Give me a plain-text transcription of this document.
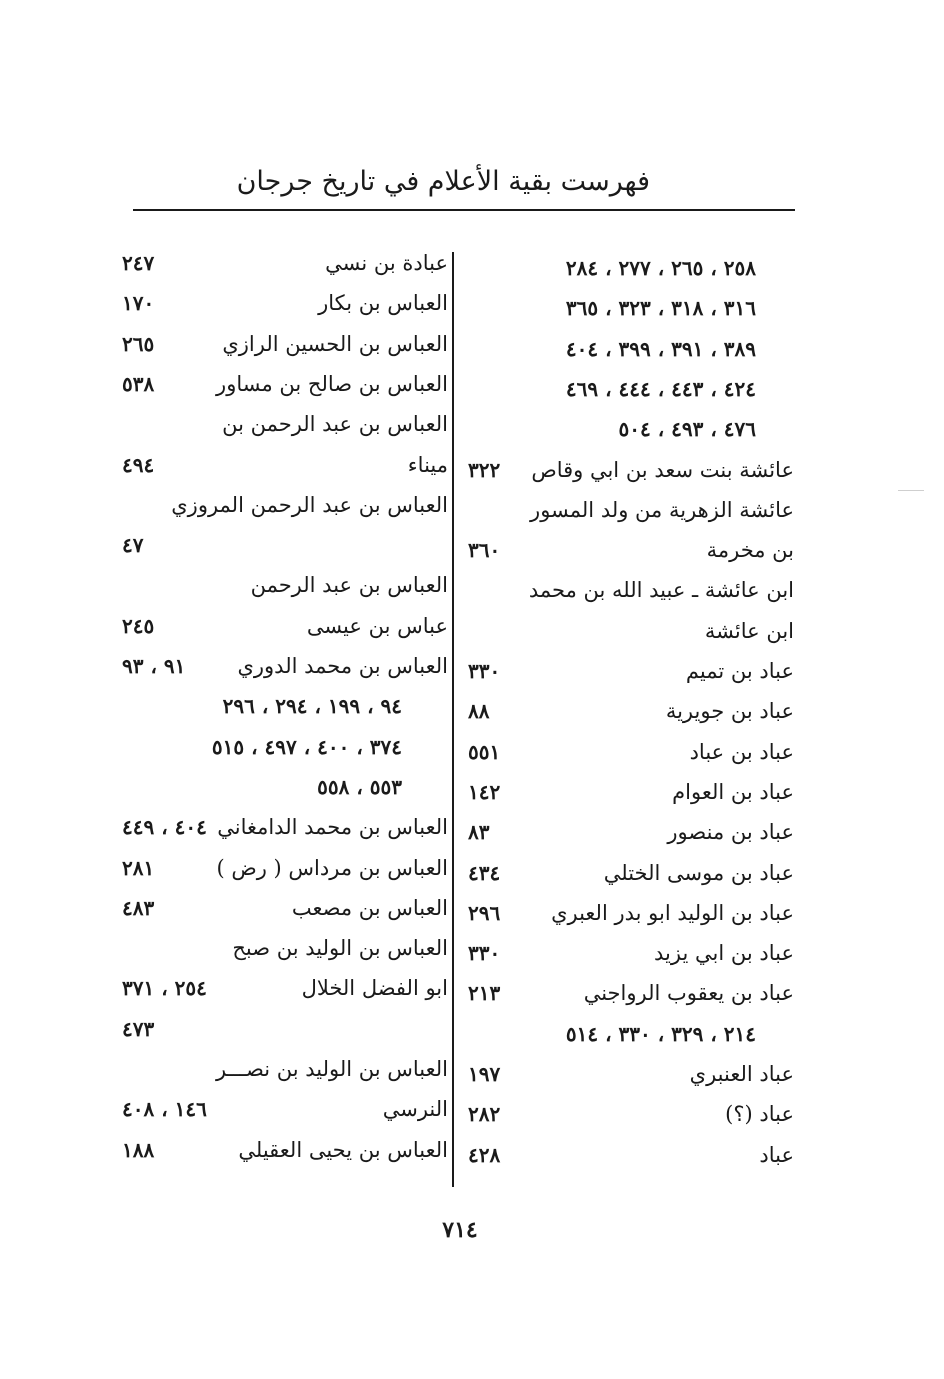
فهرست بقية الأعلام في تاريخ جرجان
٢٥٨ ، ٢٦٥ ، ٢٧٧ ، ٢٨٤
٣١٦ ، ٣١٨ ، ٣٢٣ ، ٣٦٥
٣٨٩ ، ٣٩١ ، ٣٩٩ ، ٤٠٤
٤٢٤ ، ٤٤٣ ، ٤٤٤ ، ٤٦٩
٤٧٦ ، ٤٩٣ ، ٥٠٤
عائشة بنت سعد بن ابي وقاص
٣٢٢
عائشة الزهرية من ولد المسور
بن مخرمة
٣٦٠
ابن عائشة ـ عبيد الله بن محمد
ابن عائشة
عباد بن تميم
٣٣٠
عباد بن جويرية
٨٨
عباد بن عباد
٥٥١
عباد بن العوام
١٤٢
عباد بن منصور
٨٣
عباد بن موسى الختلي
٤٣٤
عباد بن الوليد ابو بدر العبري
٢٩٦
عباد بن ابي يزيد
٣٣٠
عباد بن يعقوب الرواجني
٢١٣
٢١٤ ، ٣٢٩ ، ٣٣٠ ، ٥١٤
عباد العنبري
١٩٧
عباد (؟)
٢٨٢
عباد
٤٢٨
عبادة بن نسي
٢٤٧
العباس بن بكار
١٧٠
العباس بن الحسين الرازي
٢٦٥
العباس بن صالح بن مساور
٥٣٨
العباس بن عبد الرحمن بن
ميناء
٤٩٤
العباس بن عبد الرحمن المروزي
٤٧
العباس بن عبد الرحمن
عباس بن عيسى
٢٤٥
العباس بن محمد الدوري
٩١ ، ٩٣
٩٤ ، ١٩٩ ، ٢٩٤ ، ٢٩٦
٣٧٤ ، ٤٠٠ ، ٤٩٧ ، ٥١٥
٥٥٣ ، ٥٥٨
العباس بن محمد الدامغاني
٤٠٤ ، ٤٤٩
العباس بن مرداس ( رض )
٢٨١
العباس بن مصعب
٤٨٣
العباس بن الوليد بن صبح
ابو الفضل الخلال
٢٥٤ ، ٣٧١
٤٧٣
العباس بن الوليد بن نصـــر
النرسي
١٤٦ ، ٤٠٨
العباس بن يحيى العقيلي
١٨٨
٧١٤
